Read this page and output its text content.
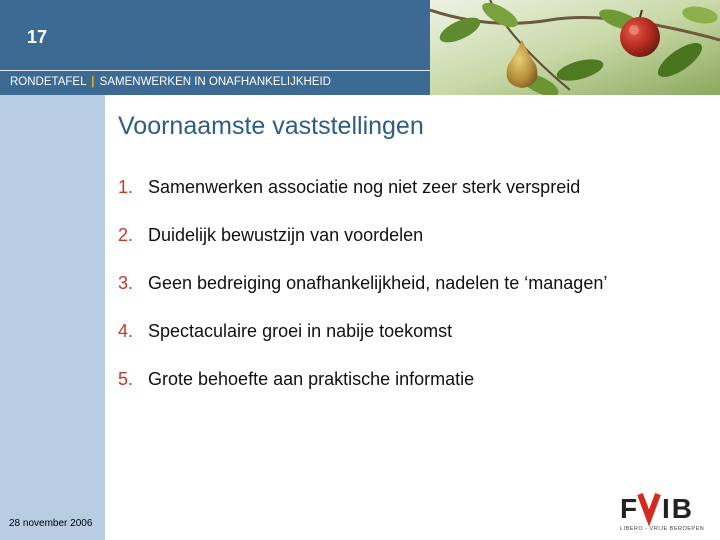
17
RONDETAFEL | SAMENWERKEN IN ONAFHANKELIJKHEID
Voornaamste vaststellingen
1. Samenwerken associatie nog niet zeer sterk verspreid
2. Duidelijk bewustzijn van voordelen
3. Geen bedreiging onafhankelijkheid, nadelen te ‘managen’
4. Spectaculaire groei in nabije toekomst
5. Grote behoefte aan praktische informatie
28 november 2006	F IB
LIBERO - VRIJE BEROEPEN
